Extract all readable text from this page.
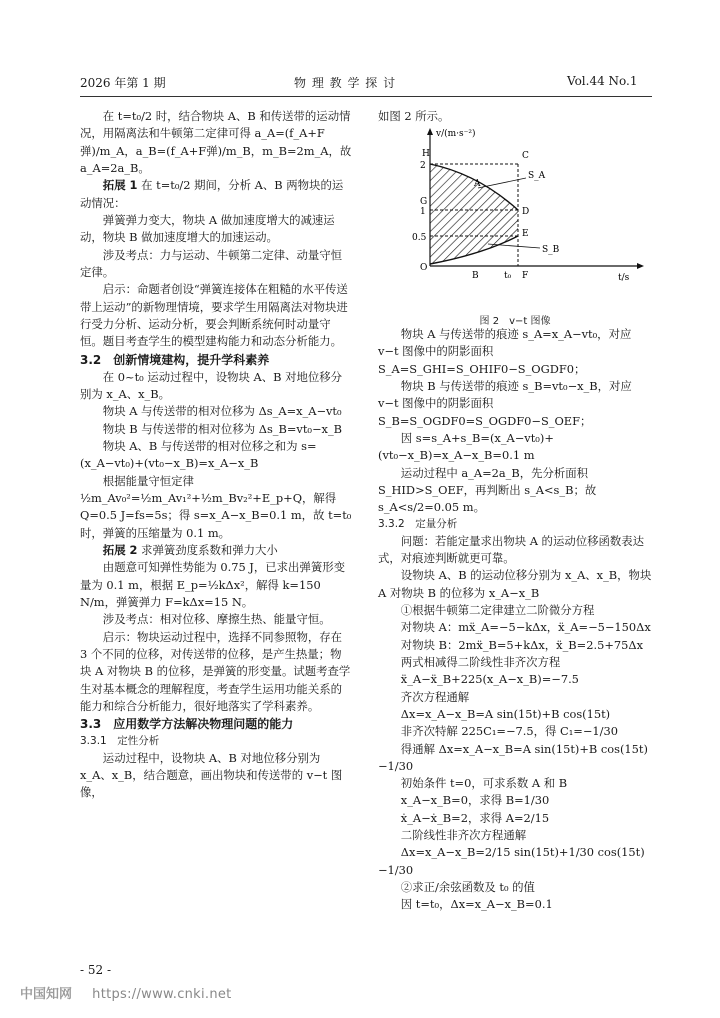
2026 年第 1 期	物 理 教 学 探 讨	Vol.44 No.1

在 t=t₀/2 时，结合物块 A、B 和传送带的运动情况，用隔离法和牛顿第二定律可得 a_A=(f_A+F弹)/m_A，a_B=(f_A+F弹)/m_B，m_B=2m_A，故 a_A=2a_B。

拓展 1 在 t=t₀/2 期间，分析 A、B 两物块的运动情况：

弹簧弹力变大，物块 A 做加速度增大的减速运动，物块 B 做加速度增大的加速运动。

涉及考点：力与运动、牛顿第二定律、动量守恒定律。

启示：命题者创设“弹簧连接体在粗糙的水平传送带上运动”的新物理情境，要求学生用隔离法对物块进行受力分析、运动分析，要会判断系统何时动量守恒。题目考查学生的模型建构能力和动态分析能力。

3.2　创新情境建构，提升学科素养

在 0~t₀ 运动过程中，设物块 A、B 对地位移分别为 x_A、x_B。

物块 A 与传送带的相对位移为 Δs_A=x_A−vt₀

物块 B 与传送带的相对位移为 Δs_B=vt₀−x_B

物块 A、B 与传送带的相对位移之和为 s=(x_A−vt₀)+(vt₀−x_B)=x_A−x_B

根据能量守恒定律 ½m_Av₀²=½m_Av₁²+½m_Bv₂²+E_p+Q，解得 Q=0.5 J=fs=5s；得 s=x_A−x_B=0.1 m，故 t=t₀ 时，弹簧的压缩量为 0.1 m。

拓展 2 求弹簧劲度系数和弹力大小

由题意可知弹性势能为 0.75 J，已求出弹簧形变量为 0.1 m，根据 E_p=½kΔx²，解得 k=150 N/m，弹簧弹力 F=kΔx=15 N。

涉及考点：相对位移、摩擦生热、能量守恒。

启示：物块运动过程中，选择不同参照物，存在 3 个不同的位移，对传送带的位移，是产生热量；物块 A 对物块 B 的位移，是弹簧的形变量。试题考查学生对基本概念的理解程度，考查学生运用功能关系的能力和综合分析能力，很好地落实了学科素养。

3.3　应用数学方法解决物理问题的能力

3.3.1　定性分析

运动过程中，设物块 A、B 对地位移分别为 x_A、x_B，结合题意，画出物块和传送带的 v−t 图像，

如图 2 所示。

v/(m·s⁻²)
t/s
2
1
0.5
B	t₀ F
H	C
G
D
E
O
A
S_A
S_B
图 2　v−t 图像

物块 A 与传送带的痕迹 s_A=x_A−vt₀，对应 v−t 图像中的阴影面积 S_A=S_GHI=S_OHIF0−S_OGDF0；

物块 B 与传送带的痕迹 s_B=vt₀−x_B，对应 v−t 图像中的阴影面积 S_B=S_OGDF0=S_OGDF0−S_OEF；

因 s=s_A+s_B=(x_A−vt₀)+(vt₀−x_B)=x_A−x_B=0.1 m

运动过程中 a_A=2a_B，先分析面积 S_HID>S_OEF，再判断出 s_A<s_B；故 s_A<s/2=0.05 m。

3.3.2　定量分析

问题：若能定量求出物块 A 的运动位移函数表达式，对痕迹判断就更可靠。

设物块 A、B 的运动位移分别为 x_A、x_B，物块 A 对物块 B 的位移为 x_A−x_B

①根据牛顿第二定律建立二阶微分方程

对物块 A：mẍ_A=−5−kΔx，ẍ_A=−5−150Δx

对物块 B：2mẍ_B=5+kΔx，ẍ_B=2.5+75Δx

两式相减得二阶线性非齐次方程

ẍ_A−ẍ_B+225(x_A−x_B)=−7.5

齐次方程通解

Δx=x_A−x_B=A sin(15t)+B cos(15t)

非齐次特解 225C₁=−7.5，得 C₁=−1/30

得通解 Δx=x_A−x_B=A sin(15t)+B cos(15t)−1/30

初始条件 t=0，可求系数 A 和 B

x_A−x_B=0，求得 B=1/30

ẋ_A−ẋ_B=2，求得 A=2/15

二阶线性非齐次方程通解

Δx=x_A−x_B=2/15 sin(15t)+1/30 cos(15t)−1/30

②求正/余弦函数及 t₀ 的值

因 t=t₀，Δx=x_A−x_B=0.1

- 52 -
中国知网 https://www.cnki.net
